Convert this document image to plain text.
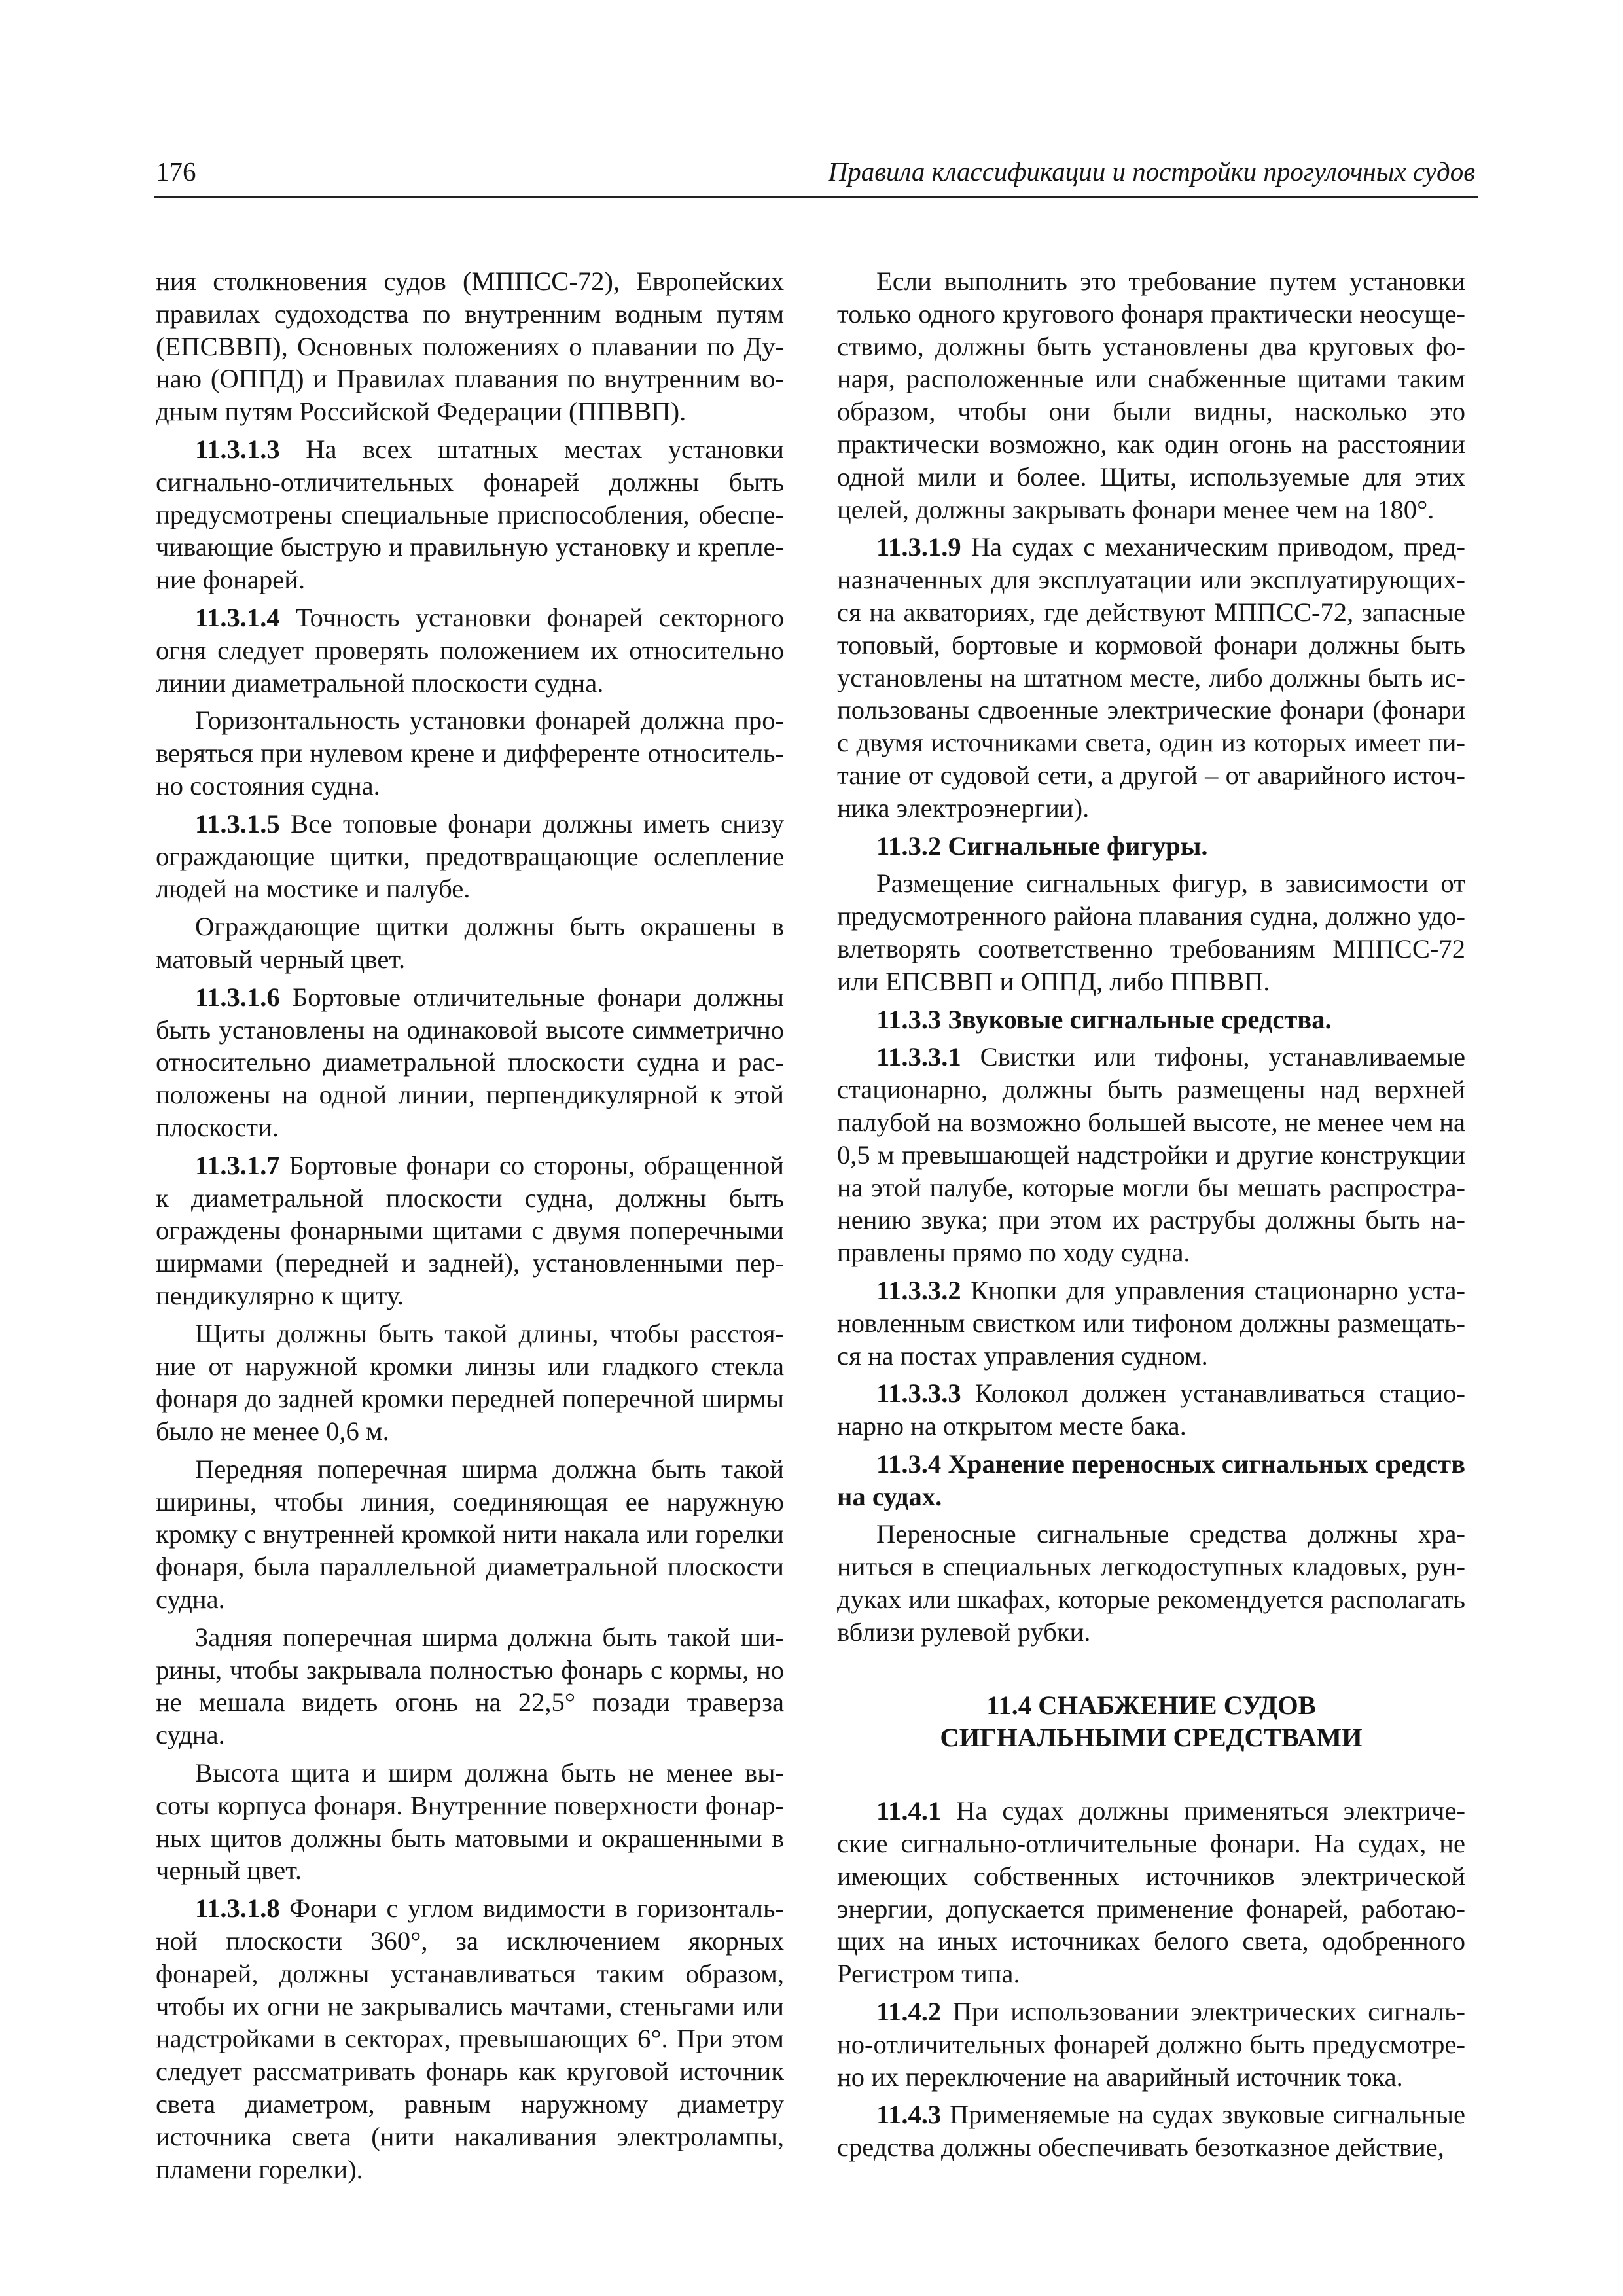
176	Правила классификации и постройки прогулочных судов

ния столкновения судов (МППСС-72), Европейских правилах судоходства по внутренним водным путям (ЕПСВВП), Основных положениях о плавании по Дунаю (ОППД) и Правилах плавания по внутренним водным путям Российской Федерации (ППВВП).

11.3.1.3 На всех штатных местах установки сигнально-отличительных фонарей должны быть предусмотрены специальные приспособления, обеспечивающие быструю и правильную установку и крепление фонарей.

11.3.1.4 Точность установки фонарей секторного огня следует проверять положением их относительно линии диаметральной плоскости судна.

Горизонтальность установки фонарей должна проверяться при нулевом крене и дифференте относительно состояния судна.

11.3.1.5 Все топовые фонари должны иметь снизу ограждающие щитки, предотвращающие ослепление людей на мостике и палубе.

Ограждающие щитки должны быть окрашены в матовый черный цвет.

11.3.1.6 Бортовые отличительные фонари должны быть установлены на одинаковой высоте симметрично относительно диаметральной плоскости судна и расположены на одной линии, перпендикулярной к этой плоскости.

11.3.1.7 Бортовые фонари со стороны, обращенной к диаметральной плоскости судна, должны быть ограждены фонарными щитами с двумя поперечными ширмами (передней и задней), установленными перпендикулярно к щиту.

Щиты должны быть такой длины, чтобы расстояние от наружной кромки линзы или гладкого стекла фонаря до задней кромки передней поперечной ширмы было не менее 0,6 м.

Передняя поперечная ширма должна быть такой ширины, чтобы линия, соединяющая ее наружную кромку с внутренней кромкой нити накала или горелки фонаря, была параллельной диаметральной плоскости судна.

Задняя поперечная ширма должна быть такой ширины, чтобы закрывала полностью фонарь с кормы, но не мешала видеть огонь на 22,5° позади траверза судна.

Высота щита и ширм должна быть не менее высоты корпуса фонаря. Внутренние поверхности фонарных щитов должны быть матовыми и окрашенными в черный цвет.

11.3.1.8 Фонари с углом видимости в горизонтальной плоскости 360°, за исключением якорных фонарей, должны устанавливаться таким образом, чтобы их огни не закрывались мачтами, стеньгами или надстройками в секторах, превышающих 6°. При этом следует рассматривать фонарь как круговой источник света диаметром, равным наружному диаметру источника света (нити накаливания электролампы, пламени горелки).

Если выполнить это требование путем установки только одного кругового фонаря практически неосуществимо, должны быть установлены два круговых фонаря, расположенные или снабженные щитами таким образом, чтобы они были видны, насколько это практически возможно, как один огонь на расстоянии одной мили и более. Щиты, используемые для этих целей, должны закрывать фонари менее чем на 180°.

11.3.1.9 На судах с механическим приводом, предназначенных для эксплуатации или эксплуатирующихся на акваториях, где действуют МППСС-72, запасные топовый, бортовые и кормовой фонари должны быть установлены на штатном месте, либо должны быть использованы сдвоенные электрические фонари (фонари с двумя источниками света, один из которых имеет питание от судовой сети, а другой – от аварийного источника электроэнергии).

11.3.2 Сигнальные фигуры.

Размещение сигнальных фигур, в зависимости от предусмотренного района плавания судна, должно удовлетворять соответственно требованиям МППСС-72 или ЕПСВВП и ОППД, либо ППВВП.

11.3.3 Звуковые сигнальные средства.

11.3.3.1 Свистки или тифоны, устанавливаемые стационарно, должны быть размещены над верхней палубой на возможно большей высоте, не менее чем на 0,5 м превышающей надстройки и другие конструкции на этой палубе, которые могли бы мешать распространению звука; при этом их раструбы должны быть направлены прямо по ходу судна.

11.3.3.2 Кнопки для управления стационарно установленным свистком или тифоном должны размещаться на постах управления судном.

11.3.3.3 Колокол должен устанавливаться стационарно на открытом месте бака.

11.3.4 Хранение переносных сигнальных средств на судах.

Переносные сигнальные средства должны храниться в специальных легкодоступных кладовых, рундуках или шкафах, которые рекомендуется располагать вблизи рулевой рубки.

11.4 СНАБЖЕНИЕ СУДОВ
СИГНАЛЬНЫМИ СРЕДСТВАМИ

11.4.1 На судах должны применяться электрические сигнально-отличительные фонари. На судах, не имеющих собственных источников электрической энергии, допускается применение фонарей, работающих на иных источниках белого света, одобренного Регистром типа.

11.4.2 При использовании электрических сигнально-отличительных фонарей должно быть предусмотрено их переключение на аварийный источник тока.

11.4.3 Применяемые на судах звуковые сигнальные средства должны обеспечивать безотказное действие,
